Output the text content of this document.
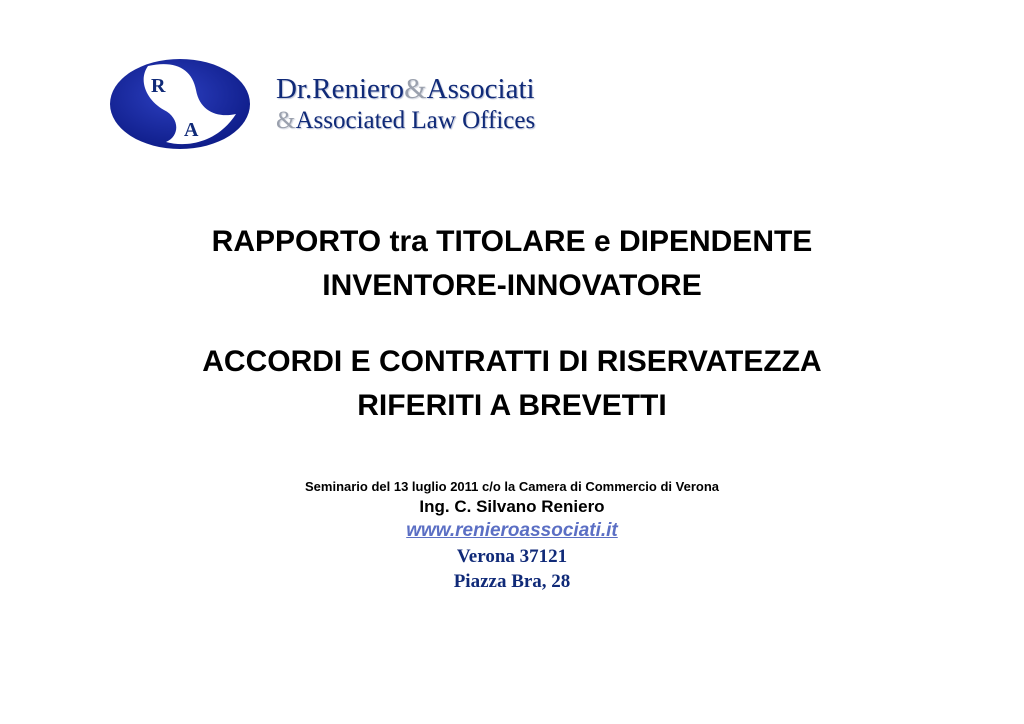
R
A
Dr.Reniero&Associati
&Associated Law Offices
RAPPORTO tra TITOLARE e DIPENDENTE
INVENTORE-INNOVATORE
ACCORDI E CONTRATTI DI RISERVATEZZA
RIFERITI A BREVETTI
Seminario del 13 luglio 2011 c/o la Camera di Commercio di Verona
Ing. C. Silvano Reniero
www.renieroassociati.it
Verona 37121
Piazza Bra, 28
